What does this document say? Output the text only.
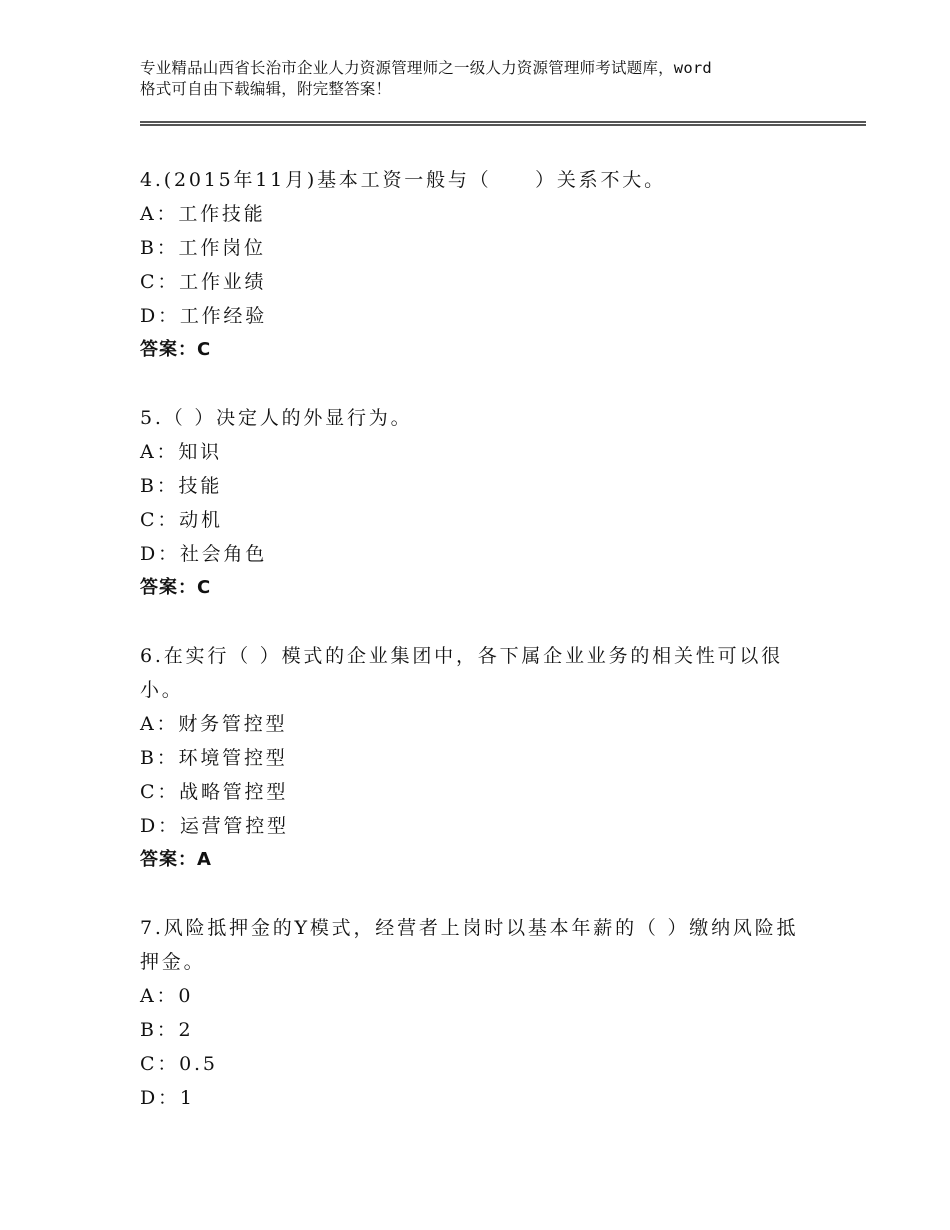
专业精品山西省长治市企业人力资源管理师之一级人力资源管理师考试题库，word
格式可自由下载编辑，附完整答案！
4.(2015年11月)基本工资一般与（　　）关系不大。
A：工作技能
B：工作岗位
C：工作业绩
D：工作经验
答案：C
5.（ ）决定人的外显行为。
A：知识
B：技能
C：动机
D：社会角色
答案：C
6.在实行（ ）模式的企业集团中，各下属企业业务的相关性可以很
小。
A：财务管控型
B：环境管控型
C：战略管控型
D：运营管控型
答案：A
7.风险抵押金的Y模式，经营者上岗时以基本年薪的（ ）缴纳风险抵
押金。
A：0
B：2
C：0.5
D：1
